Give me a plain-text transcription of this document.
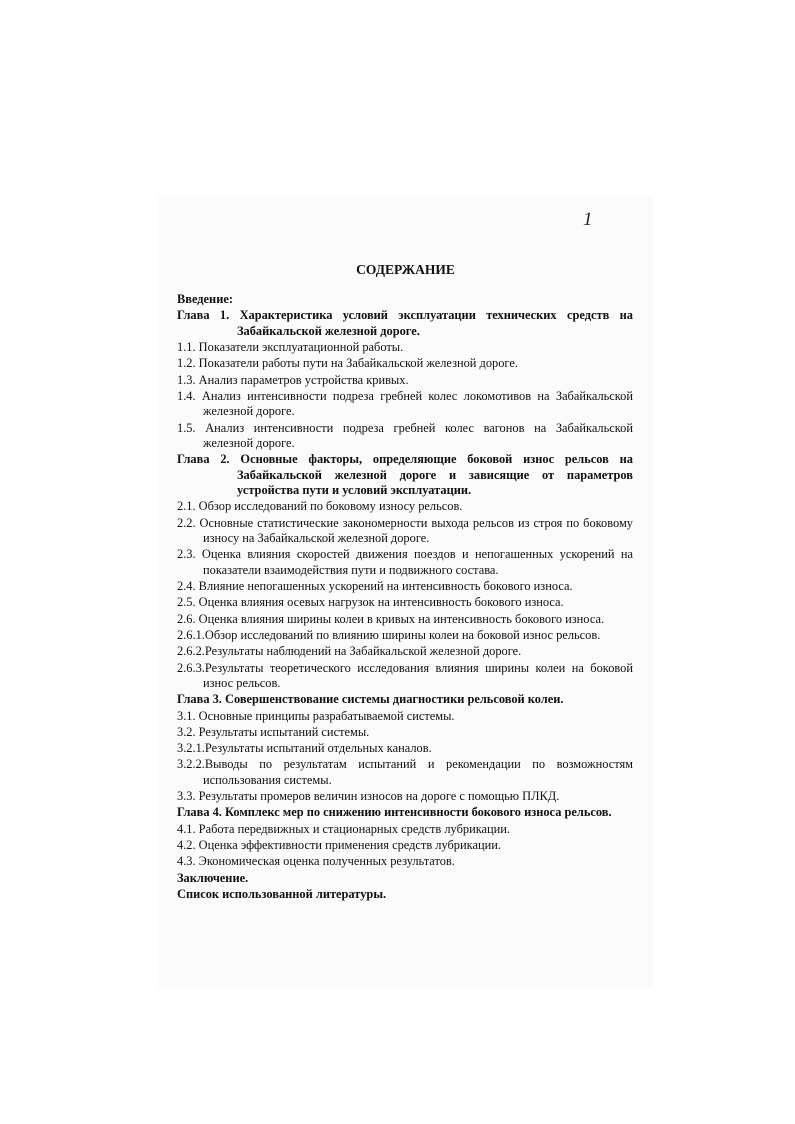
1
СОДЕРЖАНИЕ
Введение:
Глава 1. Характеристика условий эксплуатации технических средств на Забайкальской железной дороге.
1.1. Показатели эксплуатационной работы.
1.2. Показатели работы пути на Забайкальской железной дороге.
1.3. Анализ параметров устройства кривых.
1.4. Анализ интенсивности подреза гребней колес локомотивов на Забайкальской железной дороге.
1.5. Анализ интенсивности подреза гребней колес вагонов на Забайкальской железной дороге.
Глава 2. Основные факторы, определяющие боковой износ рельсов на Забайкальской железной дороге и зависящие от параметров устройства пути и условий эксплуатации.
2.1. Обзор исследований по боковому износу рельсов.
2.2. Основные статистические закономерности выхода рельсов из строя по боковому износу на Забайкальской железной дороге.
2.3. Оценка влияния скоростей движения поездов и непогашенных ускорений на показатели взаимодействия пути и подвижного состава.
2.4. Влияние непогашенных ускорений на интенсивность бокового износа.
2.5. Оценка влияния осевых нагрузок на интенсивность бокового износа.
2.6. Оценка влияния ширины колеи в кривых на интенсивность бокового износа.
2.6.1.Обзор исследований по влиянию ширины колеи на боковой износ рельсов.
2.6.2.Результаты наблюдений на Забайкальской железной дороге.
2.6.3.Результаты теоретического исследования влияния ширины колеи на боковой износ рельсов.
Глава 3. Совершенствование системы диагностики рельсовой колеи.
3.1. Основные принципы разрабатываемой системы.
3.2. Результаты испытаний системы.
3.2.1.Результаты испытаний отдельных каналов.
3.2.2.Выводы по результатам испытаний и рекомендации по возможностям использования системы.
3.3. Результаты промеров величин износов на дороге с помощью ПЛКД.
Глава 4. Комплекс мер по снижению интенсивности бокового износа рельсов.
4.1. Работа передвижных и стационарных средств лубрикации.
4.2. Оценка эффективности применения средств лубрикации.
4.3. Экономическая оценка полученных результатов.
Заключение.
Список использованной литературы.
